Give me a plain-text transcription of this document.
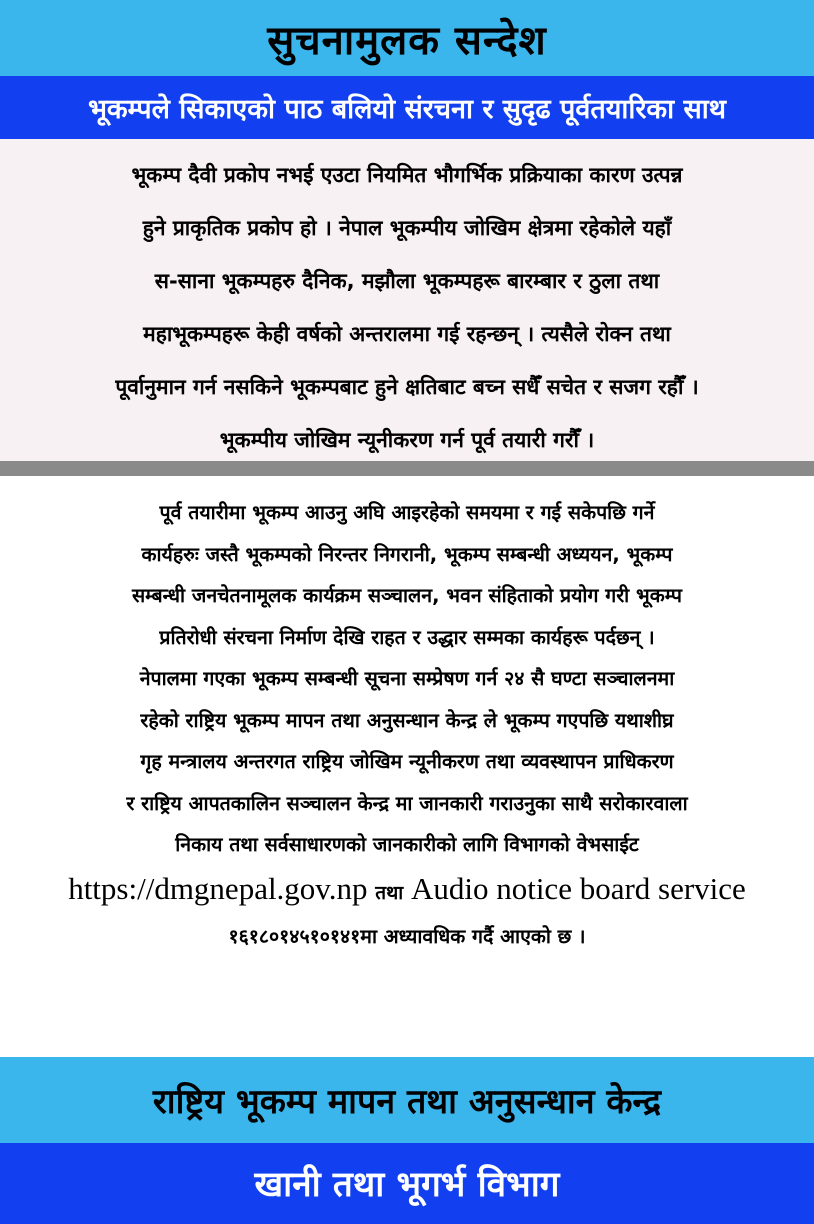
सुचनामुलक सन्देश
भूकम्पले सिकाएको पाठ बलियो संरचना र सुदृढ पूर्वतयारिका साथ
भूकम्प दैवी प्रकोप नभई एउटा नियमित भौगर्भिक प्रक्रियाका कारण उत्पन्न
हुने प्राकृतिक प्रकोप हो । नेपाल भूकम्पीय जोखिम क्षेत्रमा रहेकोले यहाँ
स-साना भूकम्पहरु दैनिक, मझौला भूकम्पहरू बारम्बार र ठुला तथा
महाभूकम्पहरू केही वर्षको अन्तरालमा गई रहन्छन् । त्यसैले रोक्न तथा
पूर्वानुमान गर्न नसकिने भूकम्पबाट हुने क्षतिबाट बच्न सधैँ सचेत र सजग रहौँ ।
भूकम्पीय जोखिम न्यूनीकरण गर्न पूर्व तयारी गरौँ ।
पूर्व तयारीमा भूकम्प आउनु अघि आइरहेको समयमा र गई सकेपछि गर्ने
कार्यहरुः जस्तै भूकम्पको निरन्तर निगरानी, भूकम्प सम्बन्धी अध्ययन, भूकम्प
सम्बन्धी जनचेतनामूलक कार्यक्रम सञ्चालन, भवन संहिताको प्रयोग गरी भूकम्प
प्रतिरोधी संरचना निर्माण देखि राहत र उद्धार सम्मका कार्यहरू पर्दछन् ।
नेपालमा गएका भूकम्प सम्बन्धी सूचना सम्प्रेषण गर्न २४ सै घण्टा सञ्चालनमा
रहेको राष्ट्रिय भूकम्प मापन तथा अनुसन्धान केन्द्र ले भूकम्प गएपछि यथाशीघ्र
गृह मन्त्रालय अन्तरगत राष्ट्रिय जोखिम न्यूनीकरण तथा व्यवस्थापन प्राधिकरण
र राष्ट्रिय आपतकालिन सञ्चालन केन्द्र मा जानकारी गराउनुका साथै सरोकारवाला
निकाय तथा सर्वसाधारणको जानकारीको लागि विभागको वेभसाईट
https://dmgnepal.gov.np तथा Audio notice board service
१६१८०१४५१०१४१मा अध्यावधिक गर्दै आएको छ ।
राष्ट्रिय भूकम्प मापन तथा अनुसन्धान केन्द्र
खानी तथा भूगर्भ विभाग
